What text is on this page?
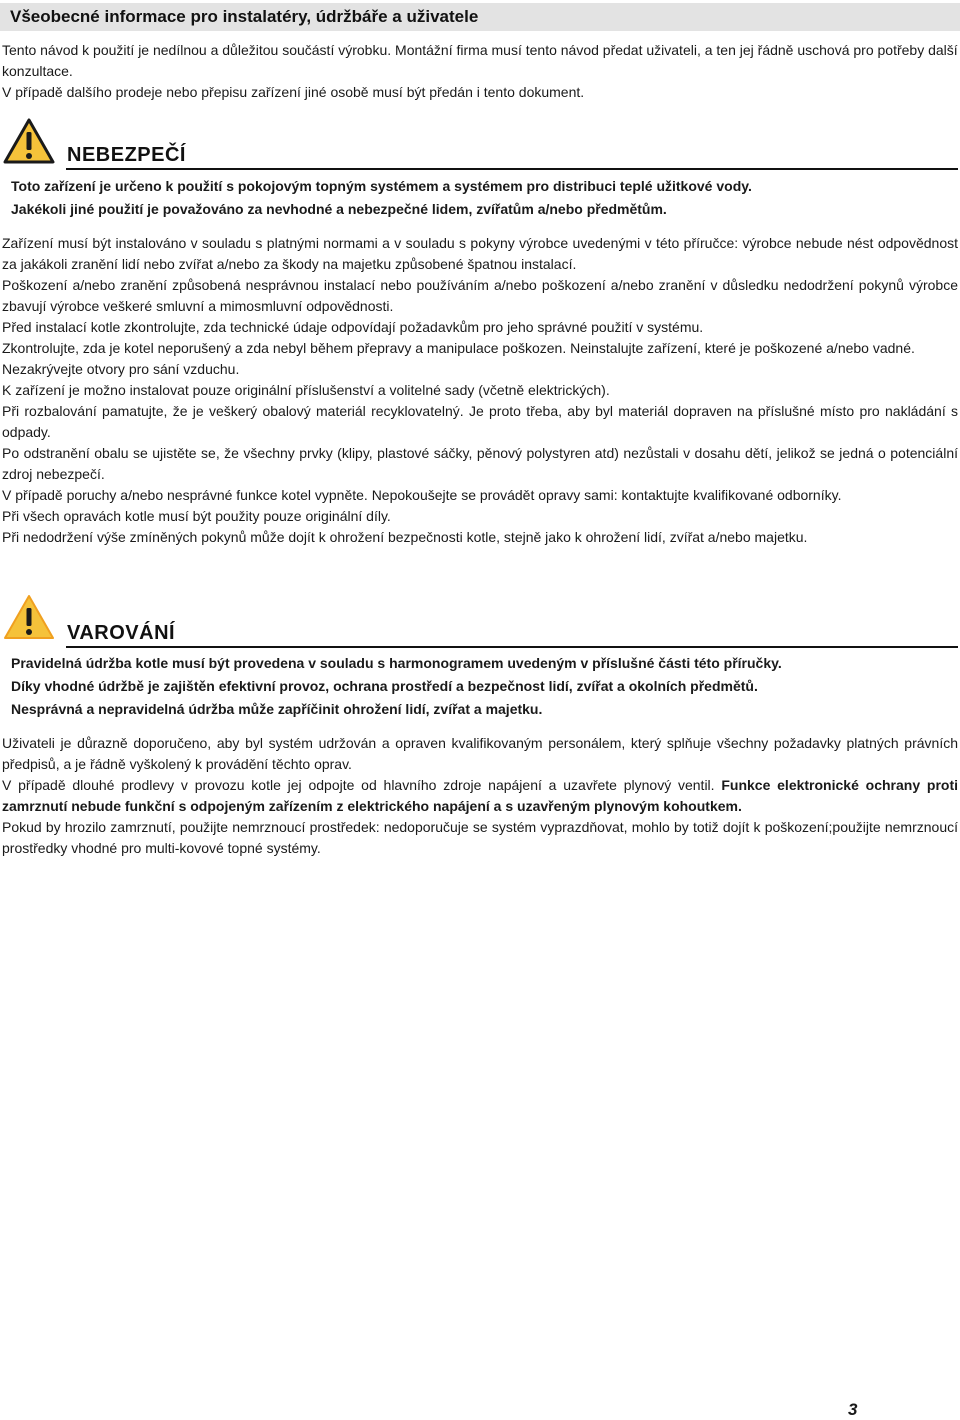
Všeobecné informace pro instalatéry, údržbáře a uživatele

Tento návod k použití je nedílnou a důležitou součástí výrobku. Montážní firma musí tento návod předat uživateli, a ten jej řádně uschová pro potřeby další konzultace.

V případě dalšího prodeje nebo přepisu zařízení jiné osobě musí být předán i tento dokument.

NEBEZPEČÍ

Toto zařízení je určeno k použití s pokojovým topným systémem a systémem pro distribuci teplé užitkové vody.

Jakékoli jiné použití je považováno za nevhodné a nebezpečné lidem, zvířatům a/nebo předmětům.

Zařízení musí být instalováno v souladu s platnými normami a v souladu s pokyny výrobce uvedenými v této příručce: výrobce nebude nést odpovědnost za jakákoli zranění lidí nebo zvířat a/nebo za škody na majetku způsobené špatnou instalací.

Poškození a/nebo zranění způsobená nesprávnou instalací nebo používáním a/nebo poškození a/nebo zranění v důsledku nedodržení pokynů výrobce zbavují výrobce veškeré smluvní a mimosmluvní odpovědnosti.

Před instalací kotle zkontrolujte, zda technické údaje odpovídají požadavkům pro jeho správné použití v systému.

Zkontrolujte, zda je kotel neporušený a zda nebyl během přepravy a manipulace poškozen. Neinstalujte zařízení, které je poškozené a/nebo vadné.

Nezakrývejte otvory pro sání vzduchu.

K zařízení je možno instalovat pouze originální příslušenství a volitelné sady (včetně elektrických).

Při rozbalování pamatujte, že je veškerý obalový materiál recyklovatelný. Je proto třeba, aby byl materiál dopraven na příslušné místo pro nakládání s odpady.

Po odstranění obalu se ujistěte se, že všechny prvky (klipy, plastové sáčky, pěnový polystyren atd) nezůstali v dosahu dětí, jelikož se jedná o potenciální zdroj nebezpečí.

V případě poruchy a/nebo nesprávné funkce kotel vypněte. Nepokoušejte se provádět opravy sami: kontaktujte kvalifikované odborníky.

Při všech opravách kotle musí být použity pouze originální díly.

Při nedodržení výše zmíněných pokynů může dojít k ohrožení bezpečnosti kotle, stejně jako k ohrožení lidí, zvířat a/nebo majetku.

VAROVÁNÍ

Pravidelná údržba kotle musí být provedena v souladu s harmonogramem uvedeným v příslušné části této příručky.

Díky vhodné údržbě je zajištěn efektivní provoz, ochrana prostředí a bezpečnost lidí, zvířat a okolních předmětů.

Nesprávná a nepravidelná údržba může zapříčinit ohrožení lidí, zvířat a majetku.

Uživateli je důrazně doporučeno, aby byl systém udržován a opraven kvalifikovaným personálem, který splňuje všechny požadavky platných právních předpisů, a je řádně vyškolený k provádění těchto oprav.

V případě dlouhé prodlevy v provozu kotle jej odpojte od hlavního zdroje napájení a uzavřete plynový ventil. Funkce elektronické ochrany proti zamrznutí nebude funkční s odpojeným zařízením z elektrického napájení a s uzavřeným plynovým kohoutkem.

Pokud by hrozilo zamrznutí, použijte nemrznoucí prostředek: nedoporučuje se systém vyprazdňovat, mohlo by totiž dojít k poškození;použijte nemrznoucí prostředky vhodné pro multi-kovové topné systémy.

3
